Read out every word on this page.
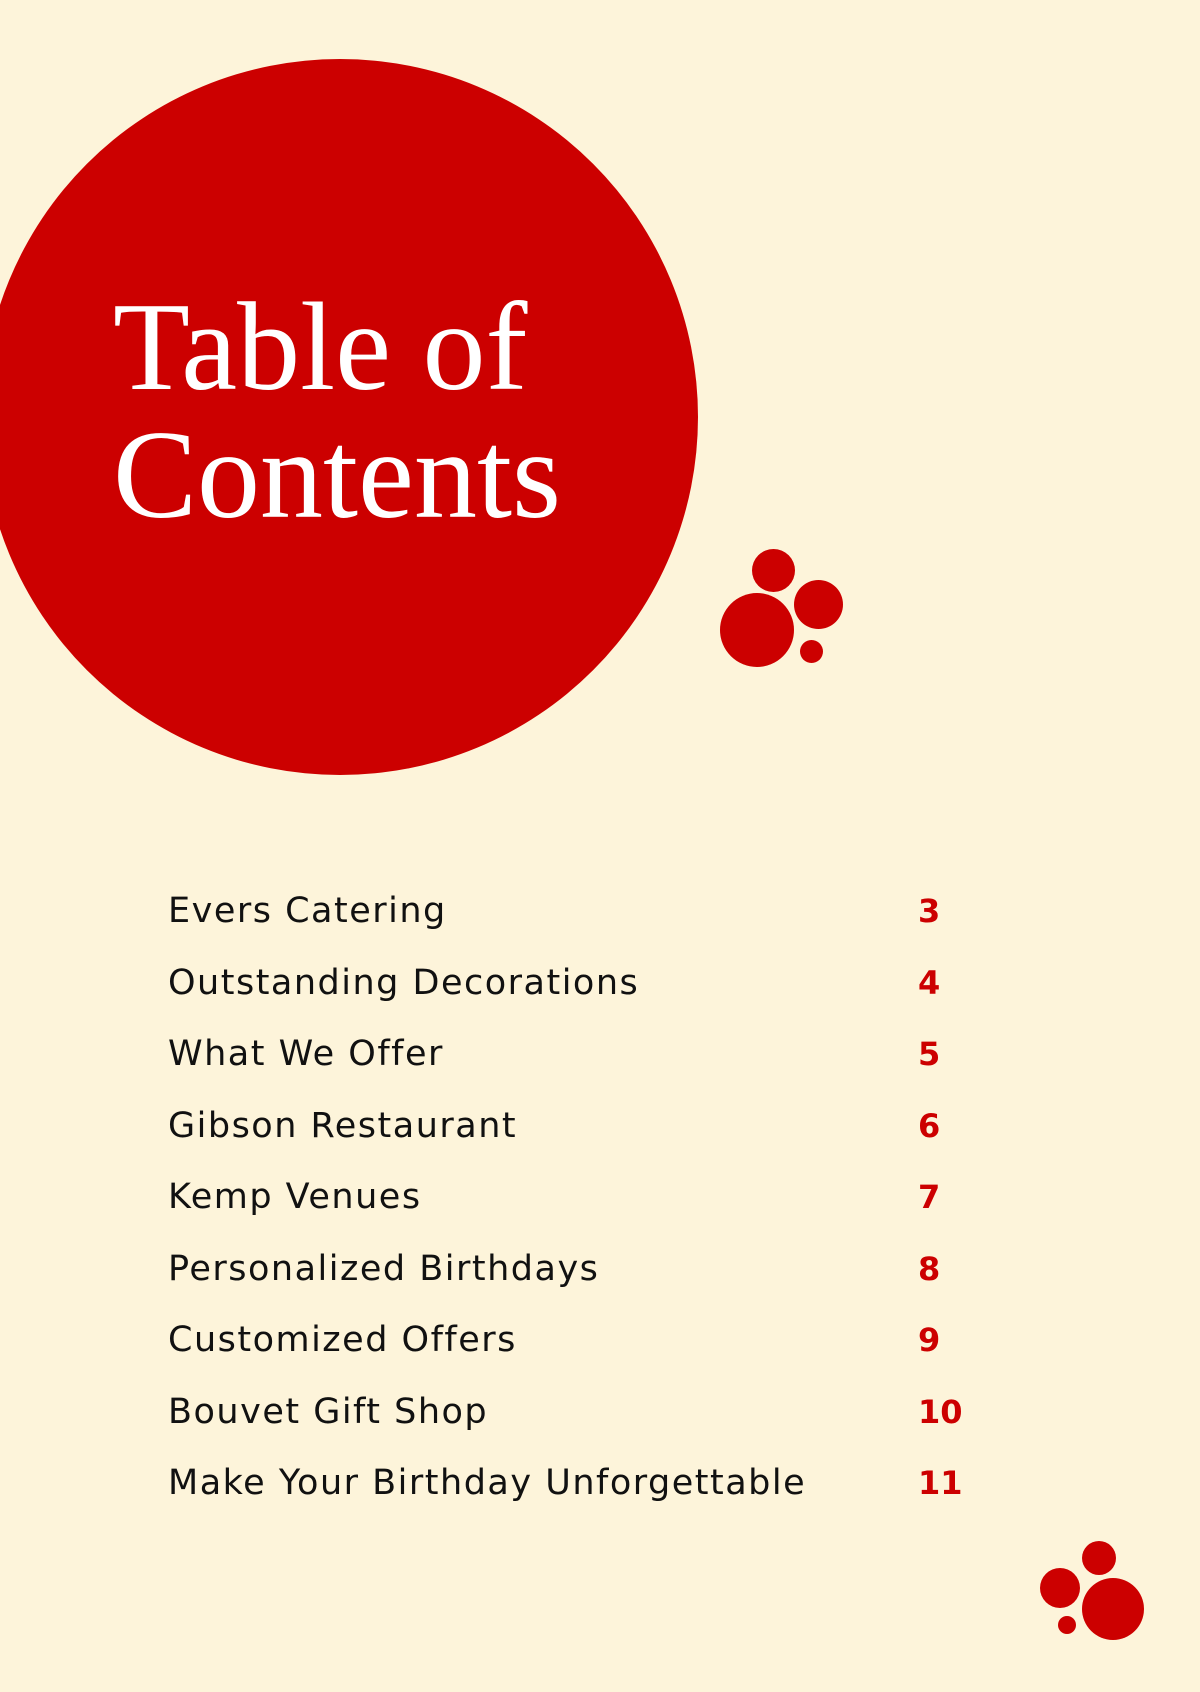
Table of
Contents
Evers Catering	3
Outstanding Decorations	4
What We Offer	5
Gibson Restaurant	6
Kemp Venues	7
Personalized Birthdays	8
Customized Offers	9
Bouvet Gift Shop	10
Make Your Birthday Unforgettable	11
